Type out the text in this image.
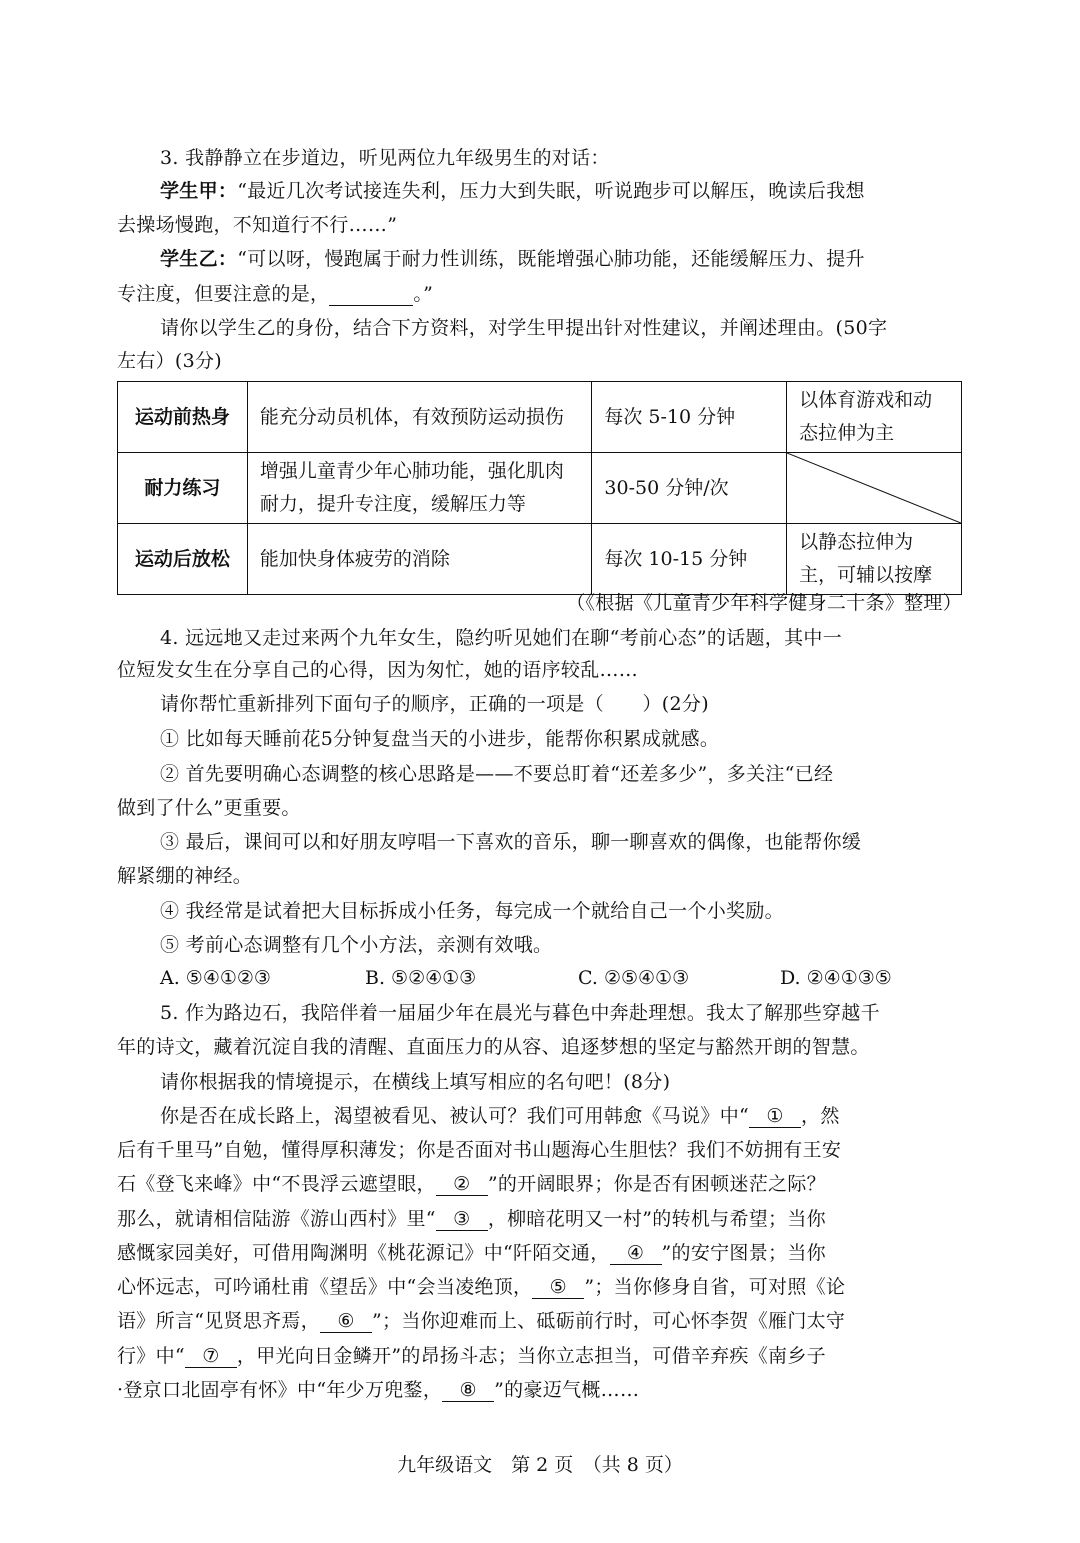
3. 我静静立在步道边，听见两位九年级男生的对话：
学生甲：“最近几次考试接连失利，压力大到失眠，听说跑步可以解压，晚读后我想
去操场慢跑，不知道行不行……”
学生乙：“可以呀，慢跑属于耐力性训练，既能增强心肺功能，还能缓解压力、提升
专注度，但要注意的是，	。”
请你以学生乙的身份，结合下方资料，对学生甲提出针对性建议，并阐述理由。(50字
左右）(3分)
运动前热身	能充分动员机体，有效预防运动损伤	每次 5-10 分钟	以体育游戏和动态拉伸为主
耐力练习	增强儿童青少年心肺功能，强化肌肉耐力，提升专注度，缓解压力等	30-50 分钟/次	

运动后放松	能加快身体疲劳的消除	每次 10-15 分钟	以静态拉伸为主，可辅以按摩
（《根据《儿童青少年科学健身二十条》整理）
4. 远远地又走过来两个九年女生，隐约听见她们在聊“考前心态”的话题，其中一
位短发女生在分享自己的心得，因为匆忙，她的语序较乱……
请你帮忙重新排列下面句子的顺序，正确的一项是（　　）(2分)
① 比如每天睡前花5分钟复盘当天的小进步，能帮你积累成就感。
② 首先要明确心态调整的核心思路是——不要总盯着“还差多少”，多关注“已经
做到了什么”更重要。
③ 最后，课间可以和好朋友哼唱一下喜欢的音乐，聊一聊喜欢的偶像，也能帮你缓
解紧绷的神经。
④ 我经常是试着把大目标拆成小任务，每完成一个就给自己一个小奖励。
⑤ 考前心态调整有几个小方法，亲测有效哦。
A. ⑤④①②③	B. ⑤②④①③	C. ②⑤④①③	D. ②④①③⑤
5. 作为路边石，我陪伴着一届届少年在晨光与暮色中奔赴理想。我太了解那些穿越千
年的诗文，藏着沉淀自我的清醒、直面压力的从容、追逐梦想的坚定与豁然开朗的智慧。
请你根据我的情境提示，在横线上填写相应的名句吧！(8分)
你是否在成长路上，渴望被看见、被认可？我们可用韩愈《马说》中“ ① ，然
后有千里马”自勉，懂得厚积薄发；你是否面对书山题海心生胆怯？我们不妨拥有王安
石《登飞来峰》中“不畏浮云遮望眼， ② ”的开阔眼界；你是否有困顿迷茫之际？
那么，就请相信陆游《游山西村》里“ ③ ，柳暗花明又一村”的转机与希望；当你
感慨家园美好，可借用陶渊明《桃花源记》中“阡陌交通， ④ ”的安宁图景；当你
心怀远志，可吟诵杜甫《望岳》中“会当凌绝顶， ⑤ ”；当你修身自省，可对照《论
语》所言“见贤思齐焉， ⑥ ”；当你迎难而上、砥砺前行时，可心怀李贺《雁门太守
行》中“ ⑦ ，甲光向日金鳞开”的昂扬斗志；当你立志担当，可借辛弃疾《南乡子
·登京口北固亭有怀》中“年少万兜鍪， ⑧ ”的豪迈气概……
九年级语文　第 2 页　（共 8 页）
